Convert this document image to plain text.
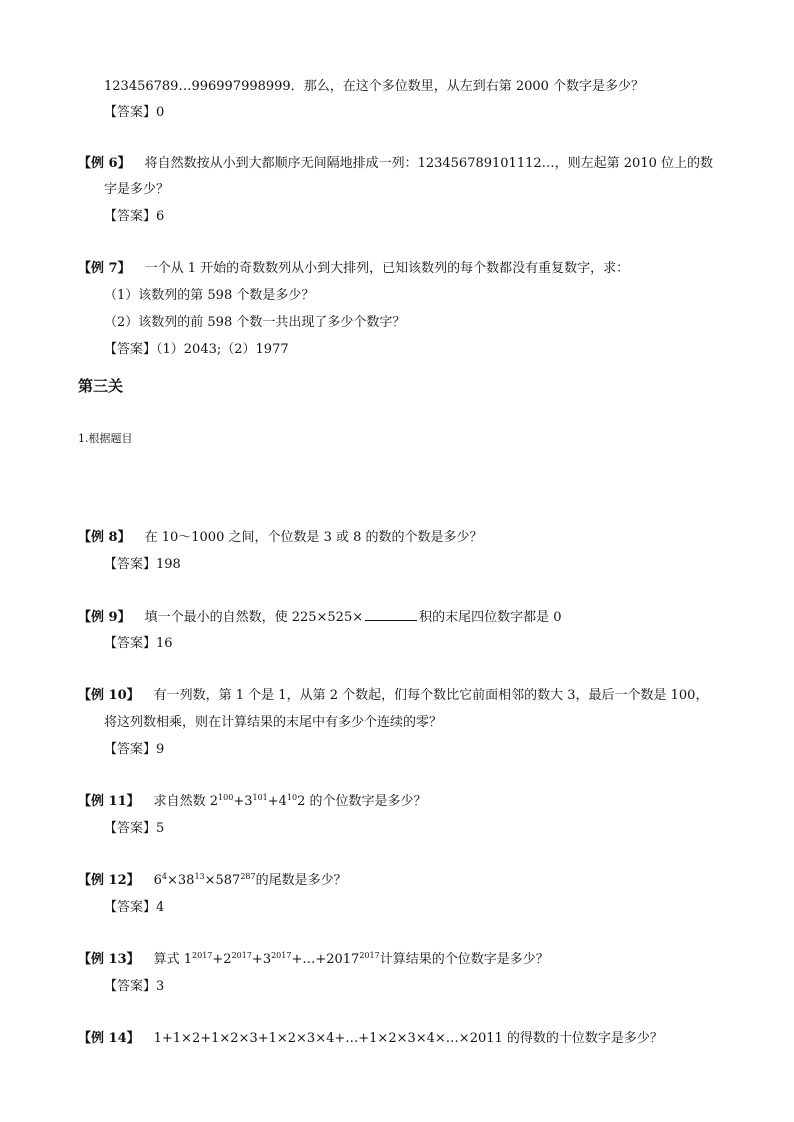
123456789…996997998999．那么，在这个多位数里，从左到右第 2000 个数字是多少？
【答案】0
【例 6】 将自然数按从小到大都顺序无间隔地排成一列：123456789101112…，则左起第 2010 位上的数
字是多少？
【答案】6
【例 7】 一个从 1 开始的奇数数列从小到大排列，已知该数列的每个数都没有重复数字，求：
（1）该数列的第 598 个数是多少？
（2）该数列的前 598 个数一共出现了多少个数字？
【答案】（1）2043;（2）1977
第三关
1.根据题目
【例 8】 在 10～1000 之间，个位数是 3 或 8 的数的个数是多少？
【答案】198
【例 9】 填一个最小的自然数，使 225×525×	积的末尾四位数字都是 0
【答案】16
【例 10】 有一列数，第 1 个是 1，从第 2 个数起，们每个数比它前面相邻的数大 3，最后一个数是 100，
将这列数相乘，则在计算结果的末尾中有多少个连续的零？
【答案】9
【例 11】 求自然数 $2^{100}+3^{101}+4^{10}2$ 的个位数字是多少？
【答案】5
【例 12】 $6^4\times 38^{13}\times 587^{287}$的尾数是多少？
【答案】4
【例 13】 算式 $1^{2017}+2^{2017}+3^{2017}+\dots+2017^{2017}$计算结果的个位数字是多少？
【答案】3
【例 14】 1+1×2+1×2×3+1×2×3×4+…+1×2×3×4×…×2011 的得数的十位数字是多少？
